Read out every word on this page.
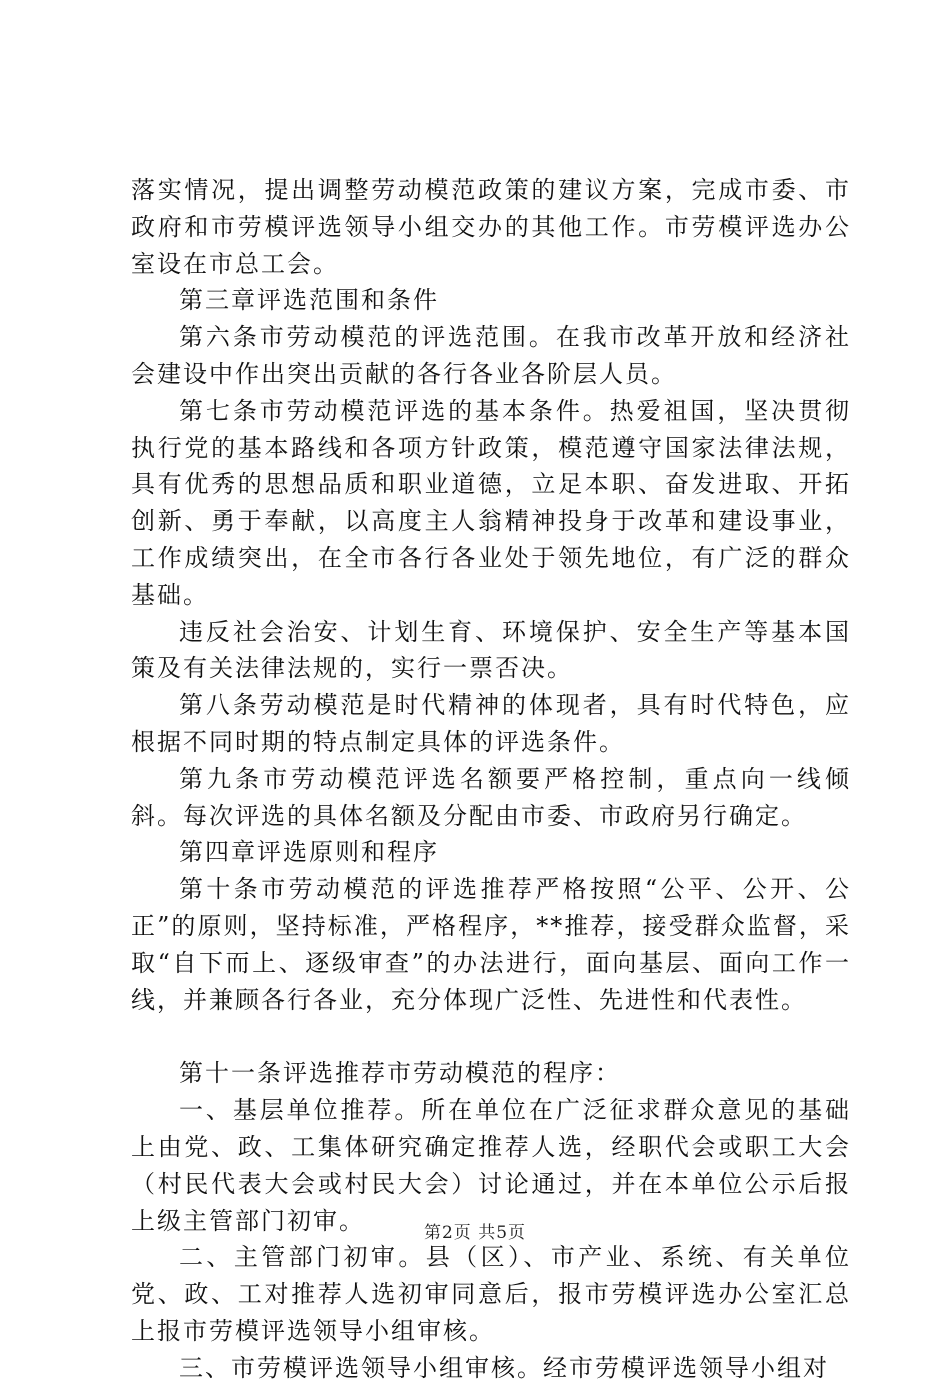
落实情况，提出调整劳动模范政策的建议方案，完成市委、市政府和市劳模评选领导小组交办的其他工作。市劳模评选办公室设在市总工会。

第三章评选范围和条件

第六条市劳动模范的评选范围。在我市改革开放和经济社会建设中作出突出贡献的各行各业各阶层人员。

第七条市劳动模范评选的基本条件。热爱祖国，坚决贯彻执行党的基本路线和各项方针政策，模范遵守国家法律法规，具有优秀的思想品质和职业道德，立足本职、奋发进取、开拓创新、勇于奉献，以高度主人翁精神投身于改革和建设事业，工作成绩突出，在全市各行各业处于领先地位，有广泛的群众基础。

违反社会治安、计划生育、环境保护、安全生产等基本国策及有关法律法规的，实行一票否决。

第八条劳动模范是时代精神的体现者，具有时代特色，应根据不同时期的特点制定具体的评选条件。

第九条市劳动模范评选名额要严格控制，重点向一线倾斜。每次评选的具体名额及分配由市委、市政府另行确定。

第四章评选原则和程序

第十条市劳动模范的评选推荐严格按照“公平、公开、公正”的原则，坚持标准，严格程序，**推荐，接受群众监督，采取“自下而上、逐级审查”的办法进行，面向基层、面向工作一线，并兼顾各行各业，充分体现广泛性、先进性和代表性。

第十一条评选推荐市劳动模范的程序：

一、基层单位推荐。所在单位在广泛征求群众意见的基础上由党、政、工集体研究确定推荐人选，经职代会或职工大会（村民代表大会或村民大会）讨论通过，并在本单位公示后报上级主管部门初审。

二、主管部门初审。县（区）、市产业、系统、有关单位党、政、工对推荐人选初审同意后，报市劳模评选办公室汇总上报市劳模评选领导小组审核。

三、市劳模评选领导小组审核。经市劳模评选领导小组对

第2页 共5页
